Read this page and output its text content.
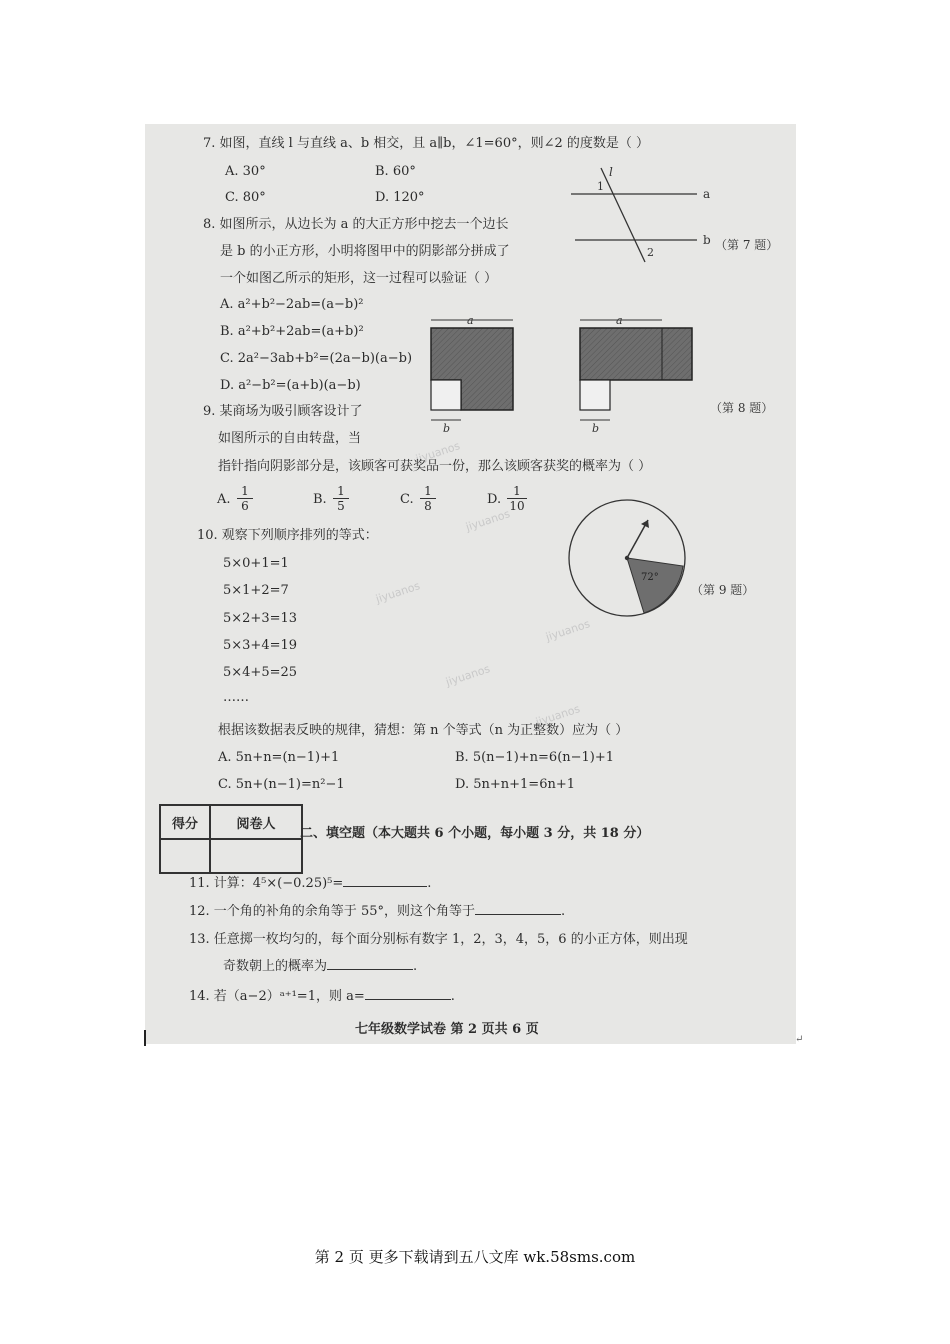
jiyuanos
jiyuanos
jiyuanos
jiyuanos
jiyuanos
jiyuanos
7. 如图，直线 l 与直线 a、b 相交，且 a∥b，∠1=60°，则∠2 的度数是（ ）
A. 30°	B. 60°
C. 80°	D. 120°
l
1
a
b
2
（第 7 题）
8. 如图所示，从边长为 a 的大正方形中挖去一个边长
是 b 的小正方形，小明将图甲中的阴影部分拼成了
一个如图乙所示的矩形，这一过程可以验证（ ）
A. a²+b²−2ab=(a−b)²
B. a²+b²+2ab=(a+b)²
C. 2a²−3ab+b²=(2a−b)(a−b)
D. a²−b²=(a+b)(a−b)
a
b
a
b
（第 8 题）
9. 某商场为吸引顾客设计了
如图所示的自由转盘，当
指针指向阴影部分是，该顾客可获奖品一份，那么该顾客获奖的概率为（ ）
A. $\frac{1}{6}$	B. $\frac{1}{5}$	C. $\frac{1}{8}$	D. $\frac{1}{10}$
72°
（第 9 题）
10. 观察下列顺序排列的等式：
5×0+1=1
5×1+2=7
5×2+3=13
5×3+4=19
5×4+5=25
……
根据该数据表反映的规律，猜想：第 n 个等式（n 为正整数）应为（ ）
A. 5n+n=(n−1)+1	B. 5(n−1)+n=6(n−1)+1
C. 5n+(n−1)=n²−1	D. 5n+n+1=6n+1
得分	阅卷人

二、填空题（本大题共 6 个小题，每小题 3 分，共 18 分）
11. 计算：4⁵×(−0.25)⁵=	.
12. 一个角的补角的余角等于 55°，则这个角等于	.
13. 任意掷一枚均匀的，每个面分别标有数字 1，2，3，4，5，6 的小正方体，则出现
奇数朝上的概率为	.
14. 若（a−2）ᵃ⁺¹=1，则 a=	.
七年级数学试卷 第 2 页共 6 页
↵
第 2 页 更多下载请到五八文库 wk.58sms.com
